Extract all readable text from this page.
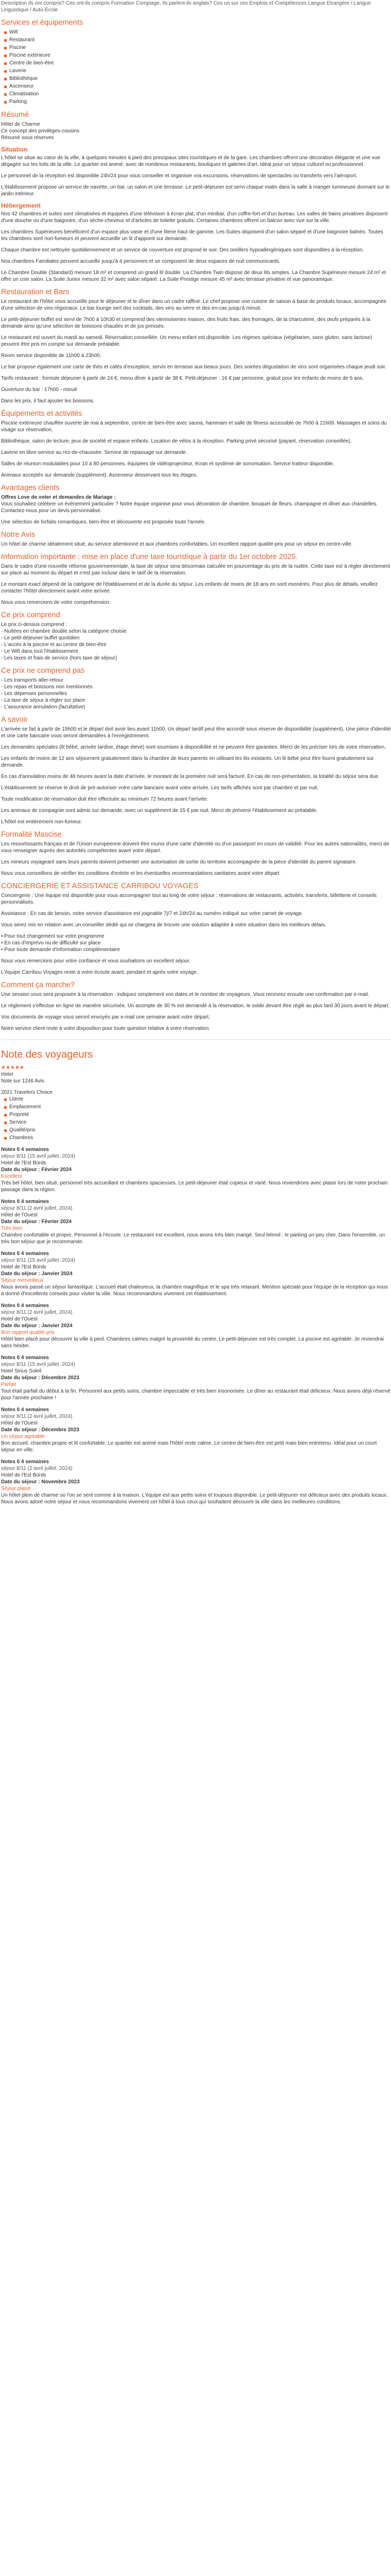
Description Ils ont compris? Ces ont-ils compris Formation Comptage, Ils parlent-ils anglais? Ces un sur ces Emplois et Compétences Langue Etrangère / Langue Linguistique / Auto-École

Services et équipements
Wifi
Restaurant
Piscine
Piscine extérieure
Centre de bien-être
Laverie
Bibliothèque
Ascenseur
Climatisation
Parking
Résumé
Hôtel de Charme
Ce concept des privilèges-cousins
Résumé sous réserves
Situation

L'hôtel se situe au cœur de la ville, à quelques minutes à pied des principaux sites touristiques et de la gare. Les chambres offrent une décoration élégante et une vue dégagée sur les toits de la ville. Le quartier est animé, avec de nombreux restaurants, boutiques et galeries d'art. Idéal pour un séjour culturel ou professionnel.

Le personnel de la réception est disponible 24h/24 pour vous conseiller et organiser vos excursions, réservations de spectacles ou transferts vers l'aéroport.

L'établissement propose un service de navette, un bar, un salon et une terrasse. Le petit-déjeuner est servi chaque matin dans la salle à manger lumineuse donnant sur le jardin intérieur.

Hébergement

Nos 42 chambres et suites sont climatisées et équipées d'une télévision à écran plat, d'un minibar, d'un coffre-fort et d'un bureau. Les salles de bains privatives disposent d'une douche ou d'une baignoire, d'un sèche-cheveux et d'articles de toilette gratuits. Certaines chambres offrent un balcon avec vue sur la ville.

Les chambres Supérieures bénéficient d'un espace plus vaste et d'une literie haut de gamme. Les Suites disposent d'un salon séparé et d'une baignoire balnéo. Toutes les chambres sont non-fumeurs et peuvent accueillir un lit d'appoint sur demande.

Chaque chambre est nettoyée quotidiennement et un service de couverture est proposé le soir. Des oreillers hypoallergéniques sont disponibles à la réception.

Nos chambres Familiales peuvent accueillir jusqu'à 4 personnes et se composent de deux espaces de nuit communicants.

Le Chambre Double (Standard) mesure 18 m² et comprend un grand lit double. La Chambre Twin dispose de deux lits simples. La Chambre Supérieure mesure 24 m² et offre un coin salon. La Suite Junior mesure 32 m² avec salon séparé. La Suite Prestige mesure 45 m² avec terrasse privative et vue panoramique.

Restauration et Bars

Le restaurant de l'hôtel vous accueille pour le déjeuner et le dîner dans un cadre raffiné. Le chef propose une cuisine de saison à base de produits locaux, accompagnée d'une sélection de vins régionaux. Le bar lounge sert des cocktails, des vins au verre et des en-cas jusqu'à minuit.

Le petit-déjeuner buffet est servi de 7h00 à 10h30 et comprend des viennoiseries maison, des fruits frais, des fromages, de la charcuterie, des œufs préparés à la demande ainsi qu'une sélection de boissons chaudes et de jus pressés.

Le restaurant est ouvert du mardi au samedi. Réservation conseillée. Un menu enfant est disponible. Les régimes spéciaux (végétarien, sans gluten, sans lactose) peuvent être pris en compte sur demande préalable.

Room service disponible de 11h00 à 23h00.

Le bar propose également une carte de thés et cafés d'exception, servis en terrasse aux beaux jours. Des soirées dégustation de vins sont organisées chaque jeudi soir.

Tarifs restaurant : formule déjeuner à partir de 24 €, menu dîner à partir de 38 €. Petit-déjeuner : 16 € par personne, gratuit pour les enfants de moins de 6 ans.

Ouverture du bar : 17h00 - minuit

Dans les prix, il faut ajouter les boissons.

Équipements et activités

Piscine extérieure chauffée ouverte de mai à septembre, centre de bien-être avec sauna, hammam et salle de fitness accessible de 7h00 à 21h00. Massages et soins du visage sur réservation.

Bibliothèque, salon de lecture, jeux de société et espace enfants. Location de vélos à la réception. Parking privé sécurisé (payant, réservation conseillée).

Laverie en libre-service au rez-de-chaussée. Service de repassage sur demande.

Salles de réunion modulables pour 10 à 80 personnes, équipées de vidéoprojecteur, écran et système de sonorisation. Service traiteur disponible.

Animaux acceptés sur demande (supplément). Ascenseur desservant tous les étages.

Avantages clients
Offres Love de voter et demandes de Mariage :

Vous souhaitez célébrer un événement particulier ? Notre équipe organise pour vous décoration de chambre, bouquet de fleurs, champagne et dîner aux chandelles. Contactez-nous pour un devis personnalisé.

Une sélection de forfaits romantiques, bien-être et découverte est proposée toute l'année.

Notre Avis

Un hôtel de charme idéalement situé, au service attentionné et aux chambres confortables. Un excellent rapport qualité-prix pour un séjour en centre-ville.

Information importante : mise en place d'une taxe touristique à partir du 1er octobre 2025.

Dans le cadre d'une nouvelle réforme gouvernementale, la taxe de séjour sera désormais calculée en pourcentage du prix de la nuitée. Cette taxe est à régler directement sur place au moment du départ et n'est pas incluse dans le tarif de la réservation.

Le montant exact dépend de la catégorie de l'établissement et de la durée du séjour. Les enfants de moins de 18 ans en sont exonérés. Pour plus de détails, veuillez contacter l'hôtel directement avant votre arrivée.

Nous vous remercions de votre compréhension.

Ce prix comprend
Le prix ci-dessus comprend :
- Nuitées en chambre double selon la catégorie choisie
- Le petit-déjeuner buffet quotidien
- L'accès à la piscine et au centre de bien-être
- Le Wifi dans tout l'établissement
- Les taxes et frais de service (hors taxe de séjour)
Ce prix ne comprend pas
- Les transports aller-retour
- Les repas et boissons non mentionnés
- Les dépenses personnelles
- La taxe de séjour à régler sur place
- L'assurance annulation (facultative)
A savoir

L'arrivée se fait à partir de 15h00 et le départ doit avoir lieu avant 11h00. Un départ tardif peut être accordé sous réserve de disponibilité (supplément). Une pièce d'identité et une carte bancaire vous seront demandées à l'enregistrement.

Les demandes spéciales (lit bébé, arrivée tardive, étage élevé) sont soumises à disponibilité et ne peuvent être garanties. Merci de les préciser lors de votre réservation.

Les enfants de moins de 12 ans séjournent gratuitement dans la chambre de leurs parents en utilisant les lits existants. Un lit bébé peut être fourni gratuitement sur demande.

En cas d'annulation moins de 48 heures avant la date d'arrivée, le montant de la première nuit sera facturé. En cas de non-présentation, la totalité du séjour sera due.

L'établissement se réserve le droit de pré-autoriser votre carte bancaire avant votre arrivée. Les tarifs affichés sont par chambre et par nuit.

Toute modification de réservation doit être effectuée au minimum 72 heures avant l'arrivée.

Les animaux de compagnie sont admis sur demande, avec un supplément de 15 € par nuit. Merci de prévenir l'établissement au préalable.

L'hôtel est entièrement non-fumeur.

Formalité Mascise

Les ressortissants français et de l'Union européenne doivent être munis d'une carte d'identité ou d'un passeport en cours de validité. Pour les autres nationalités, merci de vous renseigner auprès des autorités compétentes avant votre départ.

Les mineurs voyageant sans leurs parents doivent présenter une autorisation de sortie du territoire accompagnée de la pièce d'identité du parent signataire.

Nous vous conseillons de vérifier les conditions d'entrée et les éventuelles recommandations sanitaires avant votre départ.

CONCIERGERIE ET ASSISTANCE CARRIBOU VOYAGES

Conciergerie : Une équipe est disponible pour vous accompagner tout au long de votre séjour : réservations de restaurants, activités, transferts, billetterie et conseils personnalisés.

Assistance : En cas de besoin, notre service d'assistance est joignable 7j/7 et 24h/24 au numéro indiqué sur votre carnet de voyage.

Vous serez mis en relation avec un conseiller dédié qui se chargera de trouver une solution adaptée à votre situation dans les meilleurs délais.

• Pour tout changement sur votre programme
• En cas d'imprévu ou de difficulté sur place
• Pour toute demande d'information complémentaire

Nous vous remercions pour votre confiance et vous souhaitons un excellent séjour.

L'équipe Carribou Voyages reste à votre écoute avant, pendant et après votre voyage.

Comment ça marche?

Une session vous sera proposée à la réservation : indiquez simplement vos dates et le nombre de voyageurs. Vous recevrez ensuite une confirmation par e-mail.

Le règlement s'effectue en ligne de manière sécurisée. Un acompte de 30 % est demandé à la réservation, le solde devant être réglé au plus tard 30 jours avant le départ.

Vos documents de voyage vous seront envoyés par e-mail une semaine avant votre départ.

Notre service client reste à votre disposition pour toute question relative à votre réservation.

Note des voyageurs
★★★★★
Hotel
Note sur 1246 Avis
2021 Travelers Choice
Literie
Emplacement
Propreté
Service
Qualité/prix
Chambres
Notes 0 4 semaines
séjour 8/11 (15 avril juillet, 2024)
Hotel de l'Est Bords
Date du séjour : Février 2024
Excellent

Très bel hôtel, bien situé, personnel très accueillant et chambres spacieuses. Le petit-déjeuner était copieux et varié. Nous reviendrons avec plaisir lors de notre prochain passage dans la région.

Notes 0 4 semaines
séjour 8/11 (2 avril juillet, 2024)
Hôtel de l'Ouest
Date du séjour : Février 2024
Très bien

Chambre confortable et propre. Personnel à l'écoute. Le restaurant est excellent, nous avons très bien mangé. Seul bémol : le parking un peu cher. Dans l'ensemble, un très bon séjour que je recommande.

Notes 0 4 semaines
séjour 8/11 (15 avril juillet, 2024)
Hotel de l'Est Bords
Date du séjour : Janvier 2024
Séjour merveilleux

Nous avons passé un séjour fantastique. L'accueil était chaleureux, la chambre magnifique et le spa très relaxant. Mention spéciale pour l'équipe de la réception qui nous a donné d'excellents conseils pour visiter la ville. Nous recommandons vivement cet établissement.

Notes 0 4 semaines
séjour 8/11 (2 avril juillet, 2024)
Hotel de l'Ouest
Date du séjour : Janvier 2024
Bon rapport qualité-prix

Hôtel bien placé pour découvrir la ville à pied. Chambres calmes malgré la proximité du centre. Le petit-déjeuner est très complet. La piscine est agréable. Je reviendrai sans hésiter.

Notes 0 4 semaines
séjour 8/11 (15 avril juillet, 2024)
Hotel Sirius Soleil
Date du séjour : Décembre 2023
Parfait

Tout était parfait du début à la fin. Personnel aux petits soins, chambre impeccable et très bien insonorisée. Le dîner au restaurant était délicieux. Nous avons déjà réservé pour l'année prochaine !

Notes 0 4 semaines
séjour 8/11 (2 avril juillet, 2024)
Hôtel de l'Ouest
Date du séjour : Décembre 2023
Un séjour agréable

Bon accueil, chambre propre et lit confortable. Le quartier est animé mais l'hôtel reste calme. Le centre de bien-être est petit mais bien entretenu. Idéal pour un court séjour en ville.

Notes 0 4 semaines
séjour 8/11 (2 avril juillet, 2024)
Hotel de l'Est Bords
Date du séjour : Novembre 2023
Séjour plaisir

Un hôtel plein de charme où l'on se sent comme à la maison. L'équipe est aux petits soins et toujours disponible. Le petit-déjeuner est délicieux avec des produits locaux. Nous avons adoré notre séjour et nous recommandons vivement cet hôtel à tous ceux qui souhaitent découvrir la ville dans les meilleures conditions.
